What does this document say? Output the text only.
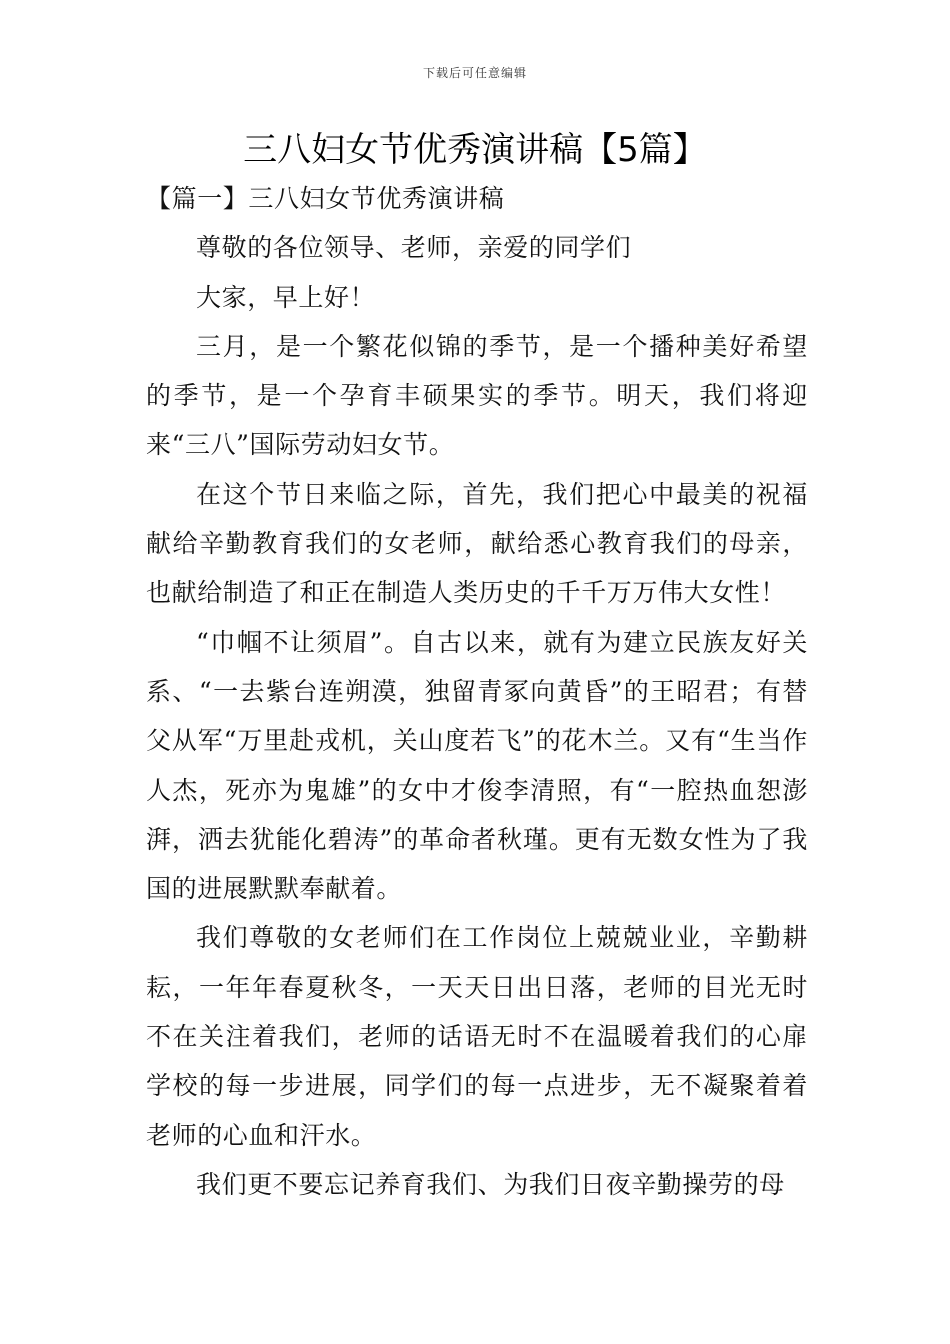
下载后可任意编辑
三八妇女节优秀演讲稿【5篇】

【篇一】三八妇女节优秀演讲稿

尊敬的各位领导、老师，亲爱的同学们

大家，早上好！

三月，是一个繁花似锦的季节，是一个播种美好希望的季节，是一个孕育丰硕果实的季节。明天，我们将迎来“三八”国际劳动妇女节。

在这个节日来临之际，首先，我们把心中最美的祝福献给辛勤教育我们的女老师，献给悉心教育我们的母亲，也献给制造了和正在制造人类历史的千千万万伟大女性！

“巾帼不让须眉”。自古以来，就有为建立民族友好关系、“一去紫台连朔漠，独留青冢向黄昏”的王昭君；有替父从军“万里赴戎机，关山度若飞”的花木兰。又有“生当作人杰，死亦为鬼雄”的女中才俊李清照，有“一腔热血恕澎湃，洒去犹能化碧涛”的革命者秋瑾。更有无数女性为了我国的进展默默奉献着。

我们尊敬的女老师们在工作岗位上兢兢业业，辛勤耕耘，一年年春夏秋冬，一天天日出日落，老师的目光无时不在关注着我们，老师的话语无时不在温暖着我们的心扉学校的每一步进展，同学们的每一点进步，无不凝聚着着老师的心血和汗水。

我们更不要忘记养育我们、为我们日夜辛勤操劳的母
